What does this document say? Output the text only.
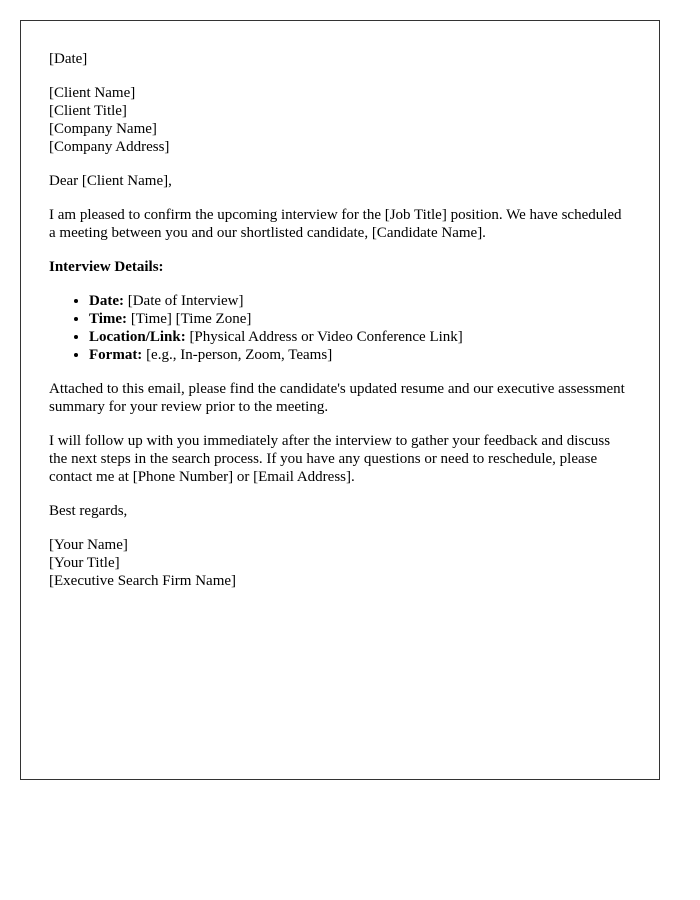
[Date]

[Client Name]
[Client Title]
[Company Name]
[Company Address]

Dear [Client Name],

I am pleased to confirm the upcoming interview for the [Job Title] position. We have scheduled a meeting between you and our shortlisted candidate, [Candidate Name].

Interview Details:

• Date: [Date of Interview]
• Time: [Time] [Time Zone]
• Location/Link: [Physical Address or Video Conference Link]
• Format: [e.g., In-person, Zoom, Teams]

Attached to this email, please find the candidate's updated resume and our executive assessment summary for your review prior to the meeting.

I will follow up with you immediately after the interview to gather your feedback and discuss the next steps in the search process. If you have any questions or need to reschedule, please contact me at [Phone Number] or [Email Address].

Best regards,

[Your Name]
[Your Title]
[Executive Search Firm Name]
